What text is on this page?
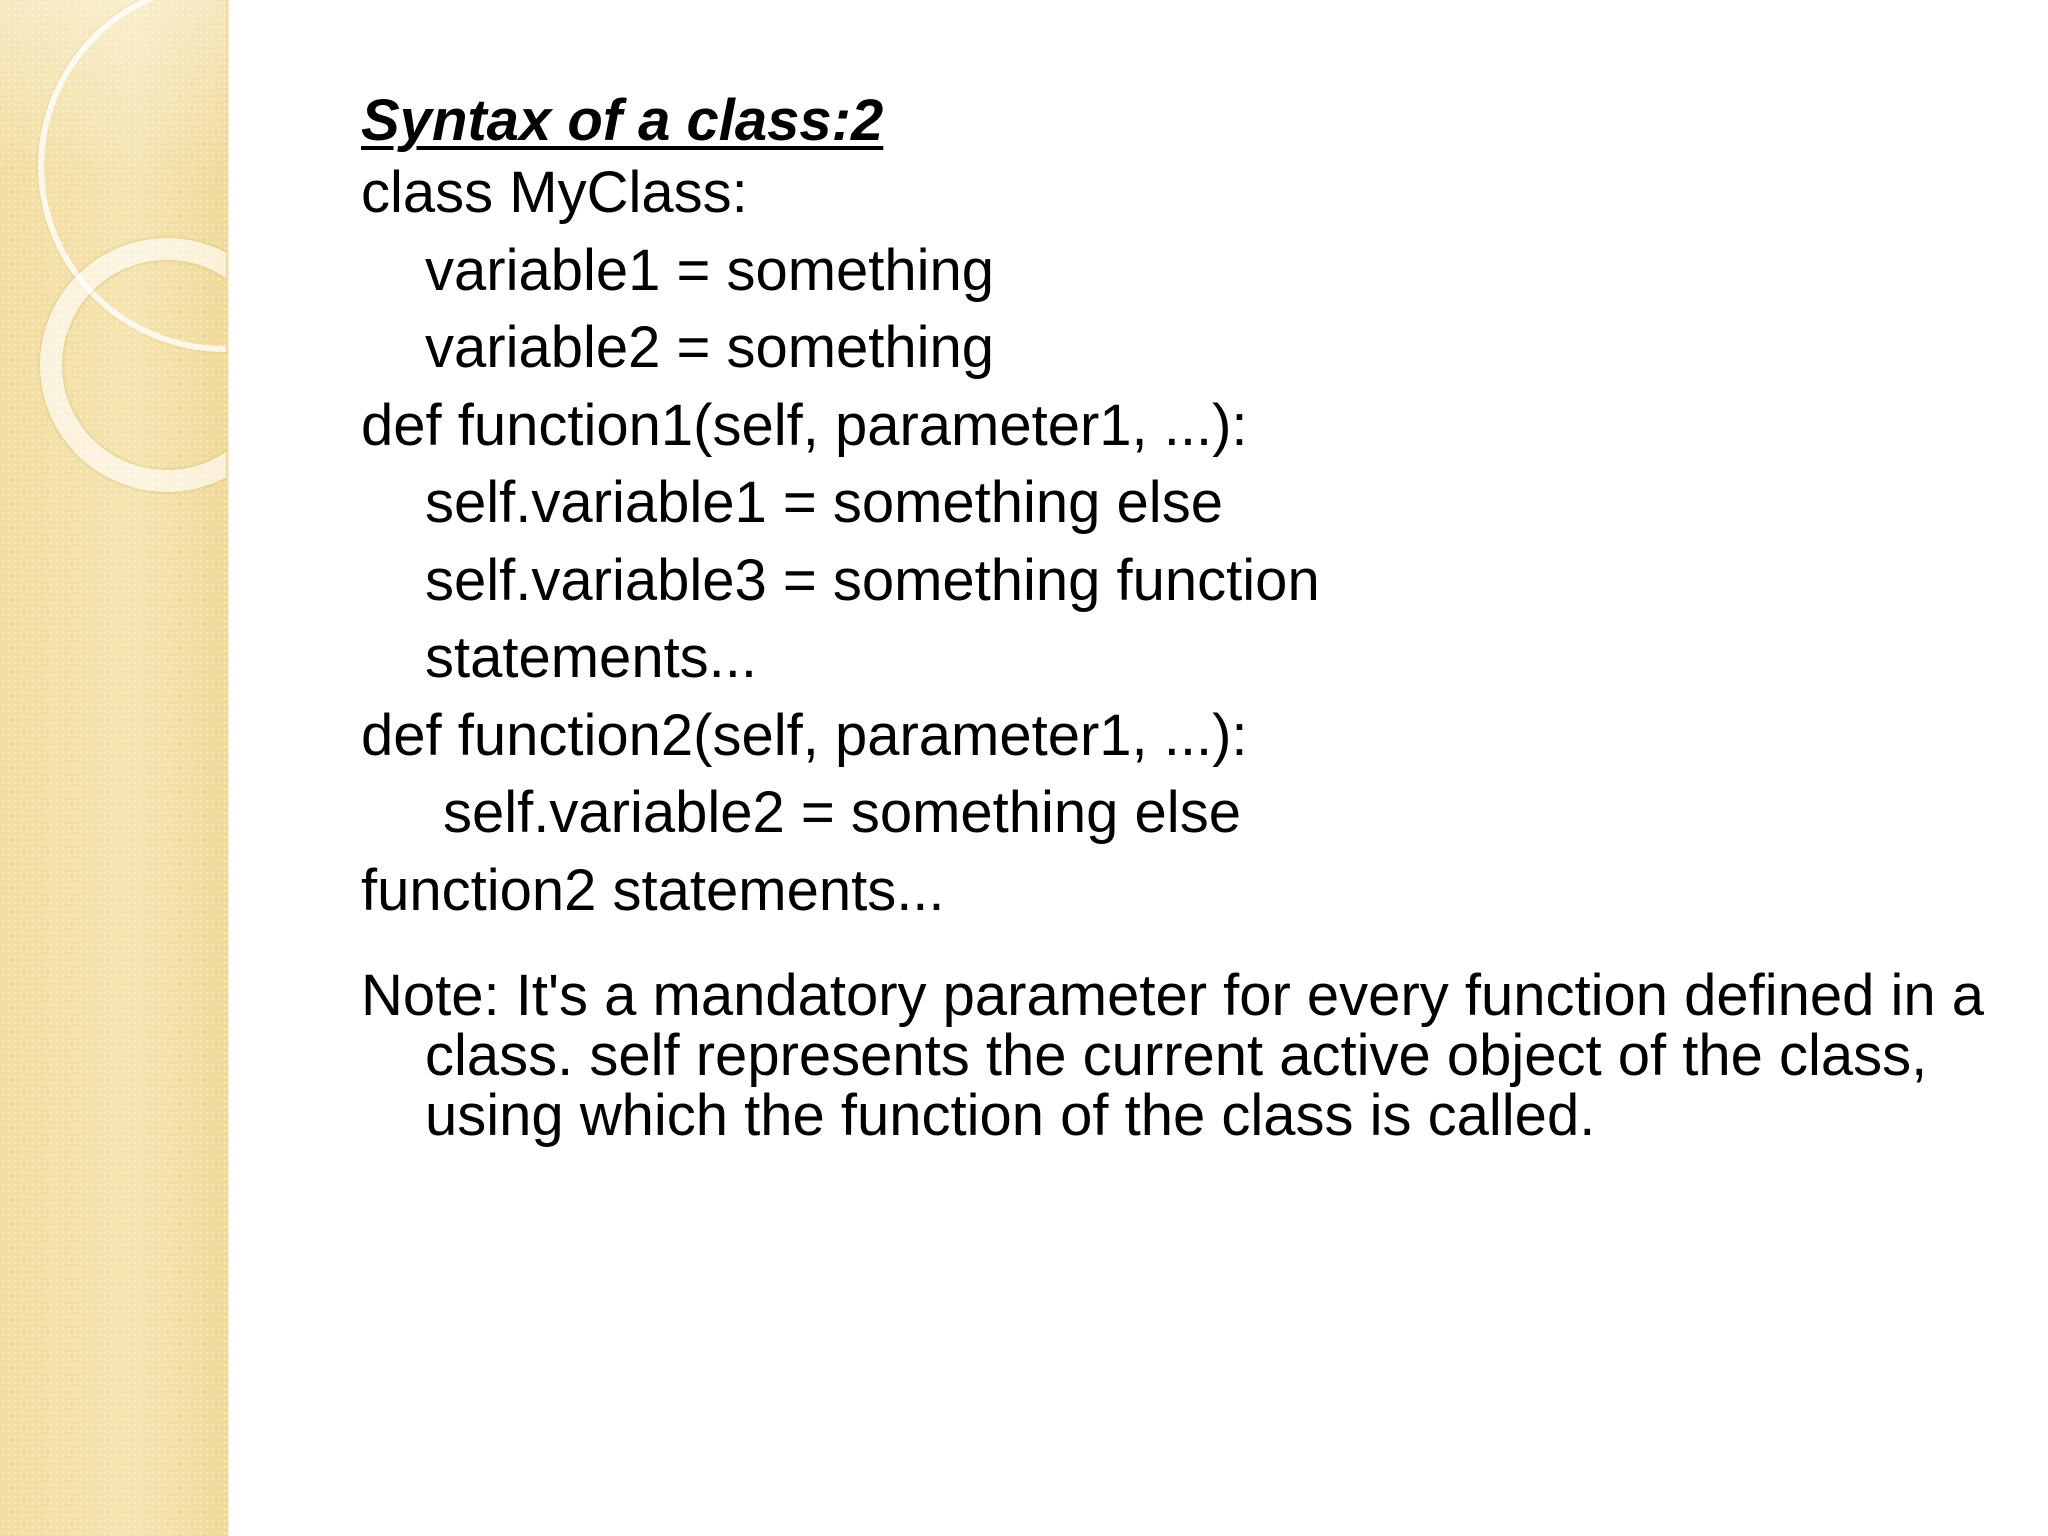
Syntax of a class:2
class MyClass:
variable1 = something
variable2 = something
def function1(self, parameter1, ...):
self.variable1 = something else
self.variable3 = something function
statements...
def function2(self, parameter1, ...):
self.variable2 = something else
function2 statements...
Note: It's a mandatory parameter for every function defined in a class. self represents the current active object of the class, using which the function of the class is called.
